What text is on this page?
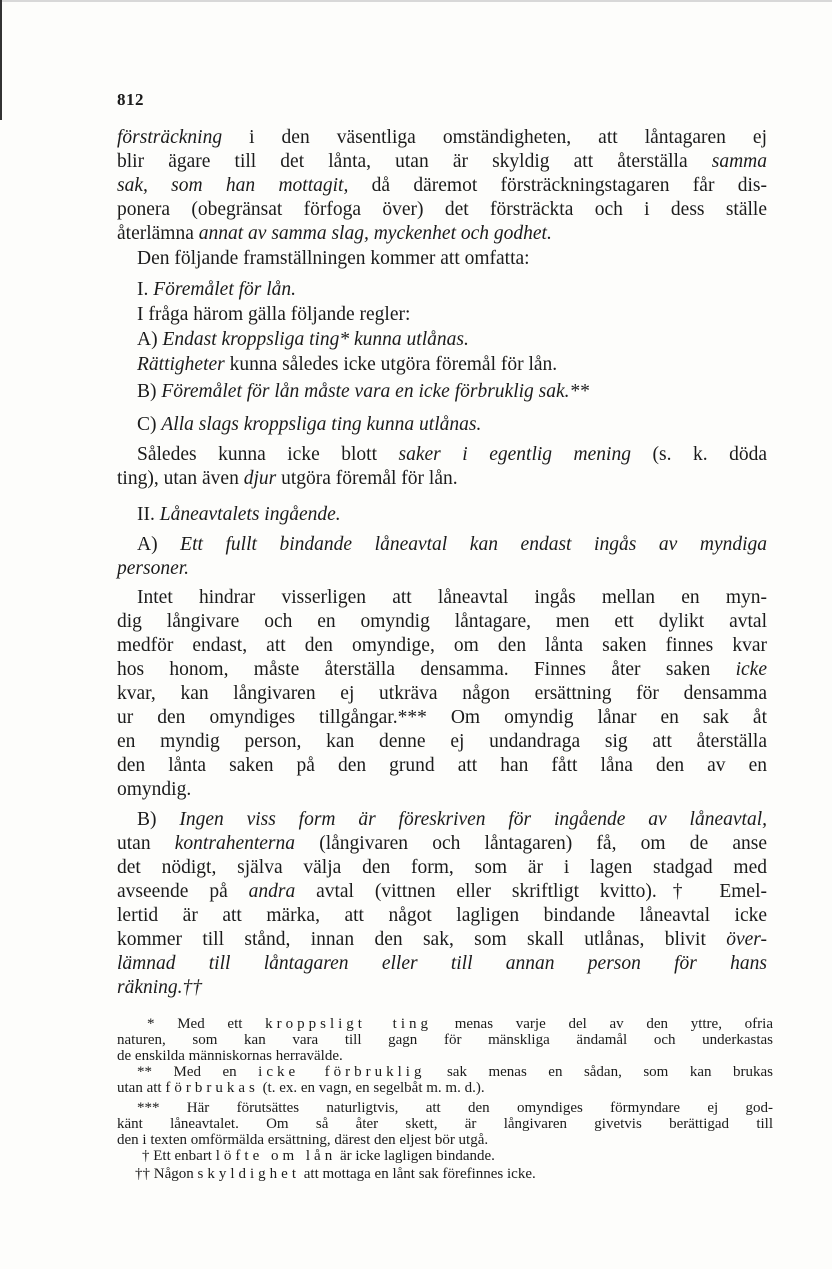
812
försträckning i den väsentliga omständigheten, att låntagaren ej
blir ägare till det lånta, utan är skyldig att återställa samma
sak, som han mottagit, då däremot försträckningstagaren får dis-
ponera (obegränsat förfoga över) det försträckta och i dess ställe
återlämna annat av samma slag, myckenhet och godhet.
Den följande framställningen kommer att omfatta:
I. Föremålet för lån.
I fråga härom gälla följande regler:
A) Endast kroppsliga ting* kunna utlånas.
Rättigheter kunna således icke utgöra föremål för lån.
B) Föremålet för lån måste vara en icke förbruklig sak.**
C) Alla slags kroppsliga ting kunna utlånas.
Således kunna icke blott saker i egentlig mening (s. k. döda
ting), utan även djur utgöra föremål för lån.
II. Låneavtalets ingående.
A) Ett fullt bindande låneavtal kan endast ingås av myndiga
personer.
Intet hindrar visserligen att låneavtal ingås mellan en myn-
dig långivare och en omyndig låntagare, men ett dylikt avtal
medför endast, att den omyndige, om den lånta saken finnes kvar
hos honom, måste återställa densamma. Finnes åter saken icke
kvar, kan långivaren ej utkräva någon ersättning för densamma
ur den omyndiges tillgångar.*** Om omyndig lånar en sak åt
en myndig person, kan denne ej undandraga sig att återställa
den lånta saken på den grund att han fått låna den av en
omyndig.
B) Ingen viss form är föreskriven för ingående av låneavtal,
utan kontrahenterna (långivaren och låntagaren) få, om de anse
det nödigt, själva välja den form, som är i lagen stadgad med
avseende på andra avtal (vittnen eller skriftligt kvitto).† Emel-
lertid är att märka, att något lagligen bindande låneavtal icke
kommer till stånd, innan den sak, som skall utlånas, blivit över-
lämnad till låntagaren eller till annan person för hans
räkning.††
* Med ett kroppsligt ting menas varje del av den yttre, ofria
naturen, som kan vara till gagn för mänskliga ändamål och underkastas
de enskilda människornas herravälde.
** Med en icke förbruklig sak menas en sådan, som kan brukas
utan att förbrukas (t. ex. en vagn, en segelbåt m. m. d.).
*** Här förutsättes naturligtvis, att den omyndiges förmyndare ej god-
känt låneavtalet. Om så åter skett, är långivaren givetvis berättigad till
den i texten omförmälda ersättning, därest den eljest bör utgå.
† Ett enbart löfte om lån är icke lagligen bindande.
†† Någon skyldighet att mottaga en lånt sak förefinnes icke.
